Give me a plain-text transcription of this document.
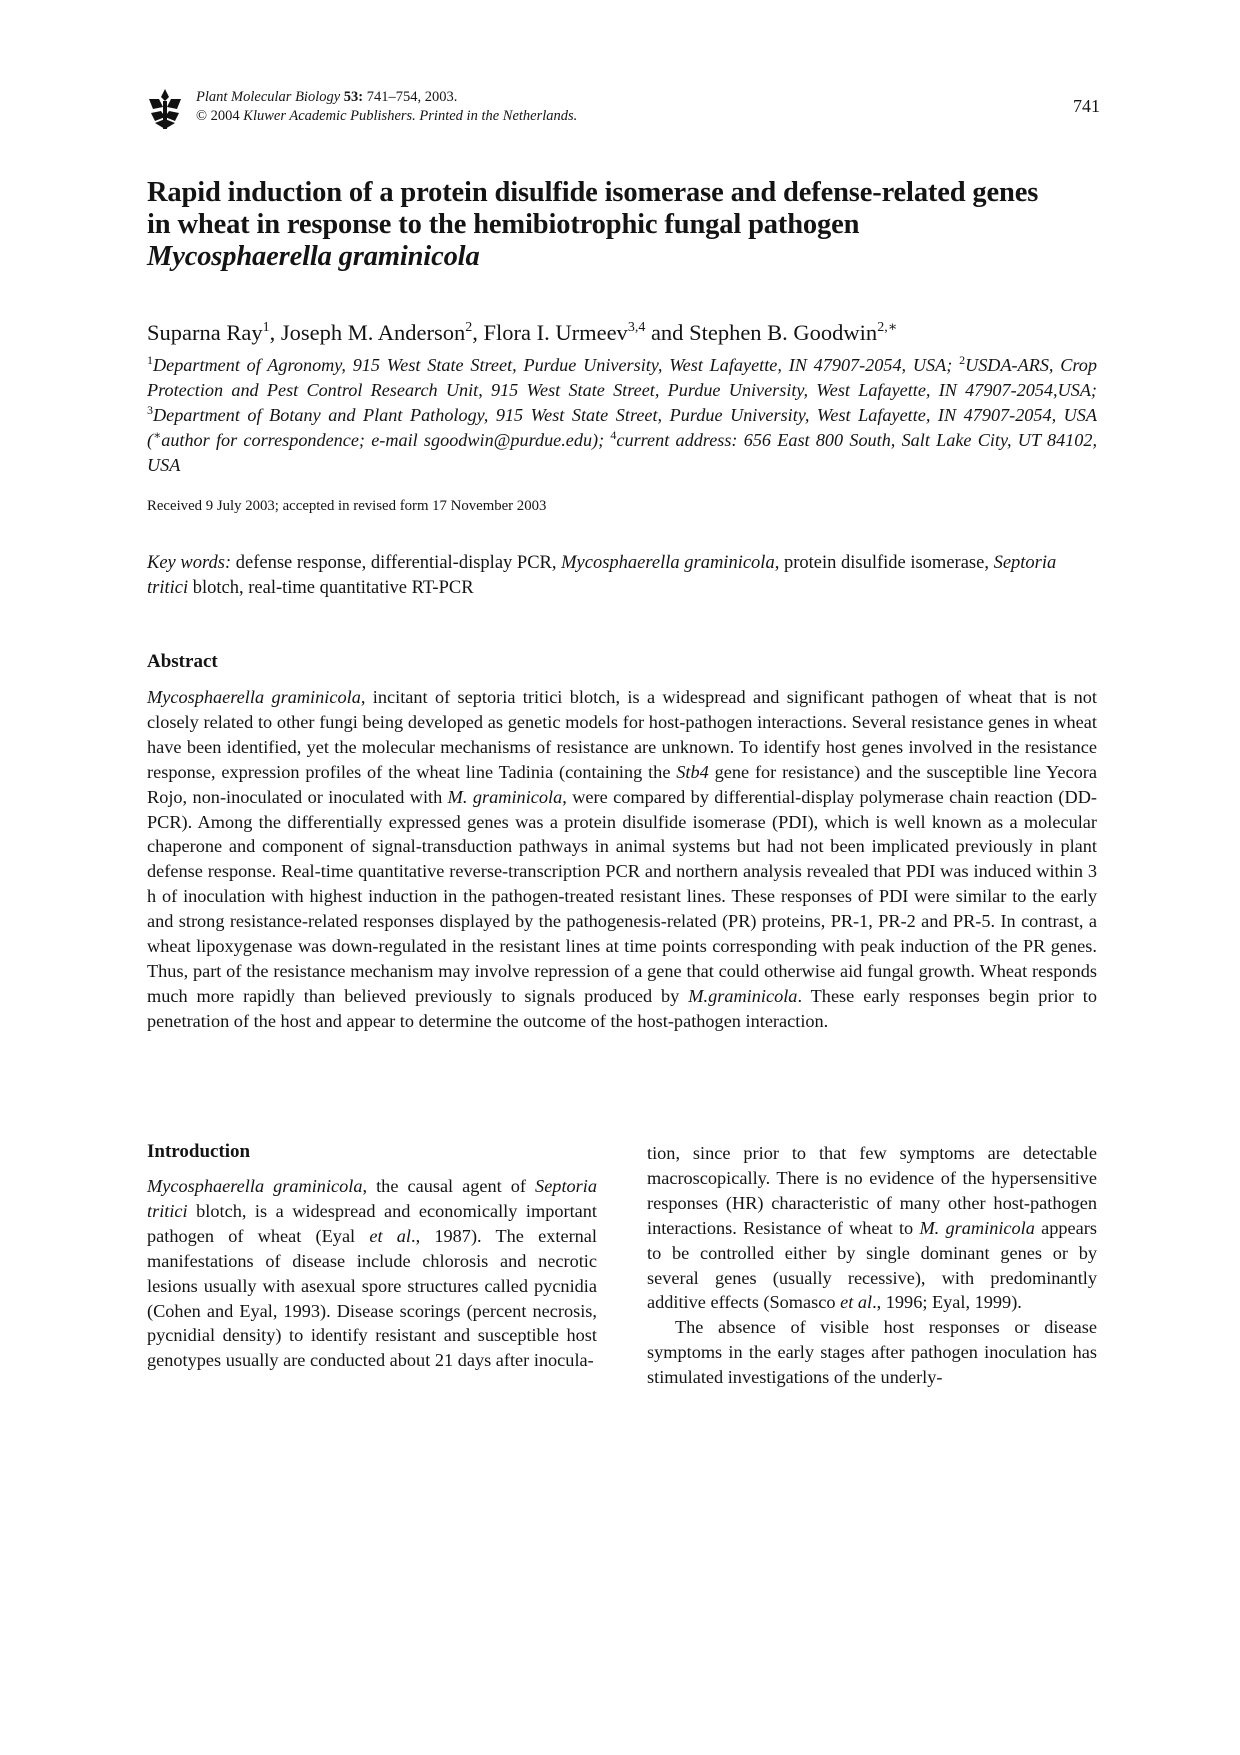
Plant Molecular Biology 53: 741–754, 2003.
© 2004 Kluwer Academic Publishers. Printed in the Netherlands.	741
Rapid induction of a protein disulfide isomerase and defense-related genes
in wheat in response to the hemibiotrophic fungal pathogen
Mycosphaerella graminicola
Suparna Ray$^1$, Joseph M. Anderson$^2$, Flora I. Urmeev$^{3,4}$ and Stephen B. Goodwin$^{2,∗}$
$^1$Department of Agronomy, 915 West State Street, Purdue University, West Lafayette, IN 47907-2054, USA; $^2$USDA-ARS, Crop Protection and Pest Control Research Unit, 915 West State Street, Purdue University, West Lafayette, IN 47907-2054,USA; $^3$Department of Botany and Plant Pathology, 915 West State Street, Purdue University, West Lafayette, IN 47907-2054, USA (∗author for correspondence; e-mail sgoodwin@purdue.edu); $^4$current address: 656 East 800 South, Salt Lake City, UT 84102, USA
Received 9 July 2003; accepted in revised form 17 November 2003
Key words: defense response, differential-display PCR, Mycosphaerella graminicola, protein disulfide isomerase, Septoria tritici blotch, real-time quantitative RT-PCR
Abstract
Mycosphaerella graminicola, incitant of septoria tritici blotch, is a widespread and significant pathogen of wheat that is not closely related to other fungi being developed as genetic models for host-pathogen interactions. Several resistance genes in wheat have been identified, yet the molecular mechanisms of resistance are unknown. To identify host genes involved in the resistance response, expression profiles of the wheat line Tadinia (containing the Stb4 gene for resistance) and the susceptible line Yecora Rojo, non-inoculated or inoculated with M. graminicola, were compared by differential-display polymerase chain reaction (DD-PCR). Among the differentially expressed genes was a protein disulfide isomerase (PDI), which is well known as a molecular chaperone and component of signal-transduction pathways in animal systems but had not been implicated previously in plant defense response. Real-time quantitative reverse-transcription PCR and northern analysis revealed that PDI was induced within 3 h of inoculation with highest induction in the pathogen-treated resistant lines. These responses of PDI were similar to the early and strong resistance-related responses displayed by the pathogenesis-related (PR) proteins, PR-1, PR-2 and PR-5. In contrast, a wheat lipoxygenase was down-regulated in the resistant lines at time points corresponding with peak induction of the PR genes. Thus, part of the resistance mechanism may involve repression of a gene that could otherwise aid fungal growth. Wheat responds much more rapidly than believed previously to signals produced by M.graminicola. These early responses begin prior to penetration of the host and appear to determine the outcome of the host-pathogen interaction.
Introduction

Mycosphaerella graminicola, the causal agent of Septoria tritici blotch, is a widespread and economically important pathogen of wheat (Eyal et al., 1987). The external manifestations of disease include chlorosis and necrotic lesions usually with asexual spore structures called pycnidia (Cohen and Eyal, 1993). Disease scorings (percent necrosis, pycnidial density) to identify resistant and susceptible host genotypes usually are conducted about 21 days after inocula-

tion, since prior to that few symptoms are detectable macroscopically. There is no evidence of the hypersensitive responses (HR) characteristic of many other host-pathogen interactions. Resistance of wheat to M. graminicola appears to be controlled either by single dominant genes or by several genes (usually recessive), with predominantly additive effects (Somasco et al., 1996; Eyal, 1999).

The absence of visible host responses or disease symptoms in the early stages after pathogen inoculation has stimulated investigations of the underly-
